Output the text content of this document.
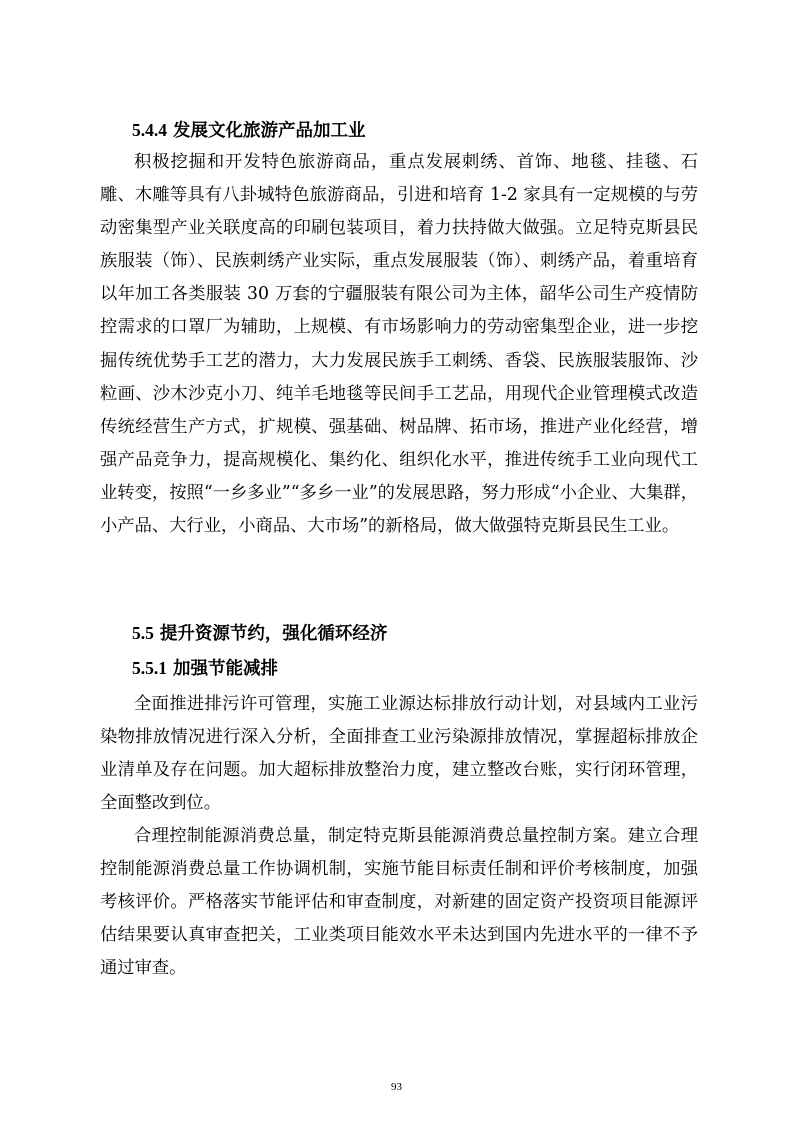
5.4.4 发展文化旅游产品加工业

积极挖掘和开发特色旅游商品，重点发展刺绣、首饰、地毯、挂毯、石雕、木雕等具有八卦城特色旅游商品，引进和培育 1-2 家具有一定规模的与劳动密集型产业关联度高的印刷包装项目，着力扶持做大做强。立足特克斯县民族服装（饰）、民族刺绣产业实际，重点发展服装（饰）、刺绣产品，着重培育以年加工各类服装 30 万套的宁疆服装有限公司为主体，韶华公司生产疫情防控需求的口罩厂为辅助，上规模、有市场影响力的劳动密集型企业，进一步挖掘传统优势手工艺的潜力，大力发展民族手工刺绣、香袋、民族服装服饰、沙粒画、沙木沙克小刀、纯羊毛地毯等民间手工艺品，用现代企业管理模式改造传统经营生产方式，扩规模、强基础、树品牌、拓市场，推进产业化经营，增强产品竞争力，提高规模化、集约化、组织化水平，推进传统手工业向现代工业转变，按照“一乡多业”“多乡一业”的发展思路，努力形成“小企业、大集群，小产品、大行业，小商品、大市场”的新格局，做大做强特克斯县民生工业。

5.5 提升资源节约，强化循环经济
5.5.1 加强节能减排

全面推进排污许可管理，实施工业源达标排放行动计划，对县域内工业污染物排放情况进行深入分析，全面排查工业污染源排放情况，掌握超标排放企业清单及存在问题。加大超标排放整治力度，建立整改台账，实行闭环管理，全面整改到位。

合理控制能源消费总量，制定特克斯县能源消费总量控制方案。建立合理控制能源消费总量工作协调机制，实施节能目标责任制和评价考核制度，加强考核评价。严格落实节能评估和审查制度，对新建的固定资产投资项目能源评估结果要认真审查把关，工业类项目能效水平未达到国内先进水平的一律不予通过审查。

93
